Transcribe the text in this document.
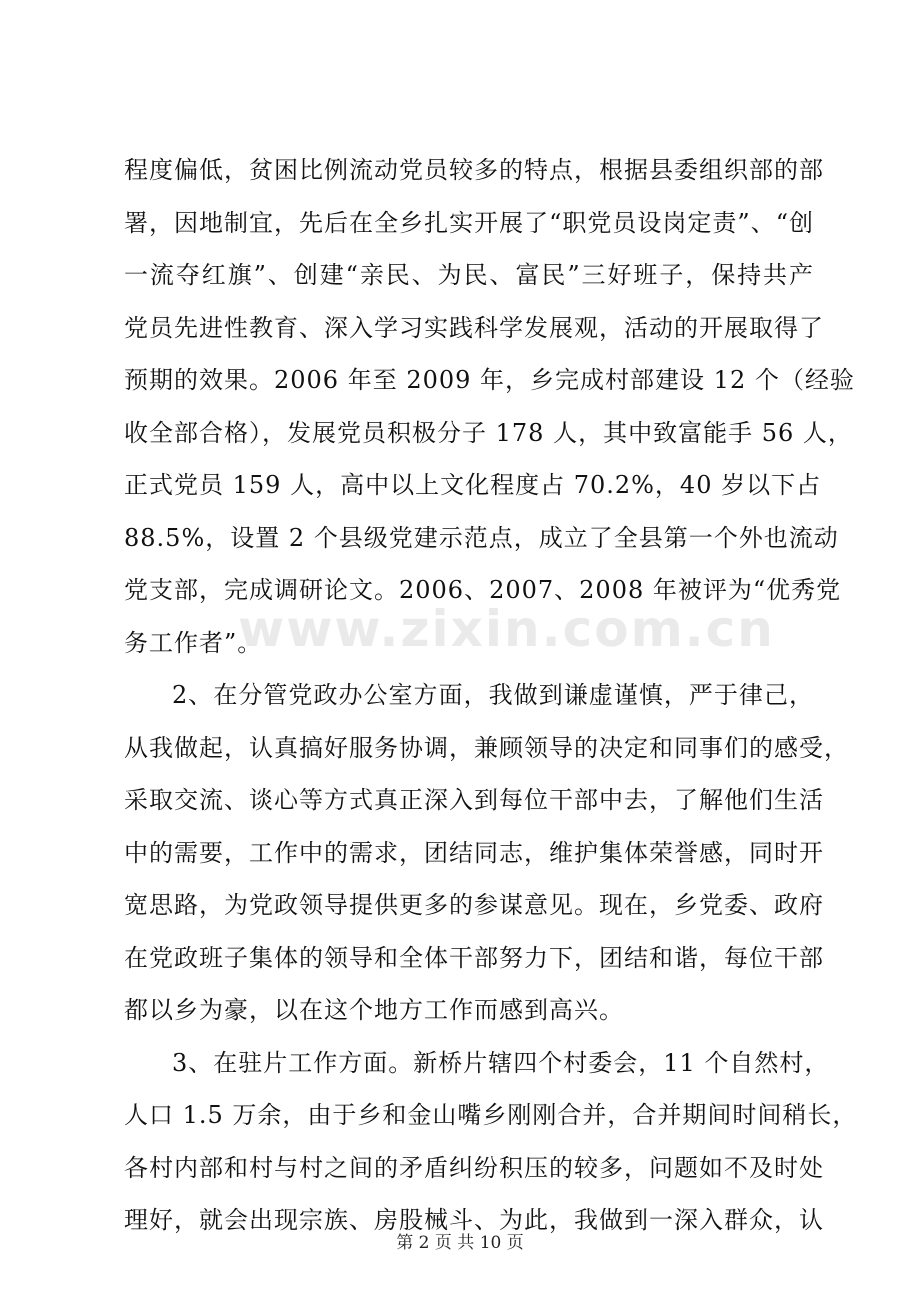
程度偏低，贫困比例流动党员较多的特点，根据县委组织部的部
署，因地制宜，先后在全乡扎实开展了“职党员设岗定责”、“创
一流夺红旗”、创建“亲民、为民、富民”三好班子，保持共产
党员先进性教育、深入学习实践科学发展观，活动的开展取得了
预期的效果。2006 年至 2009 年，乡完成村部建设 12 个（经验
收全部合格），发展党员积极分子 178 人，其中致富能手 56 人，
正式党员 159 人，高中以上文化程度占 70.2%，40 岁以下占
88.5%，设置 2 个县级党建示范点，成立了全县第一个外也流动
党支部，完成调研论文。2006、2007、2008 年被评为“优秀党
务工作者”。
2、在分管党政办公室方面，我做到谦虚谨慎，严于律己，
从我做起，认真搞好服务协调，兼顾领导的决定和同事们的感受，
采取交流、谈心等方式真正深入到每位干部中去，了解他们生活
中的需要，工作中的需求，团结同志，维护集体荣誉感，同时开
宽思路，为党政领导提供更多的参谋意见。现在，乡党委、政府
在党政班子集体的领导和全体干部努力下，团结和谐，每位干部
都以乡为豪，以在这个地方工作而感到高兴。
3、在驻片工作方面。新桥片辖四个村委会，11 个自然村，
人口 1.5 万余，由于乡和金山嘴乡刚刚合并，合并期间时间稍长，
各村内部和村与村之间的矛盾纠纷积压的较多，问题如不及时处
理好，就会出现宗族、房股械斗、为此，我做到一深入群众，认
www.zixin.com.cn
第 2 页 共 10 页
